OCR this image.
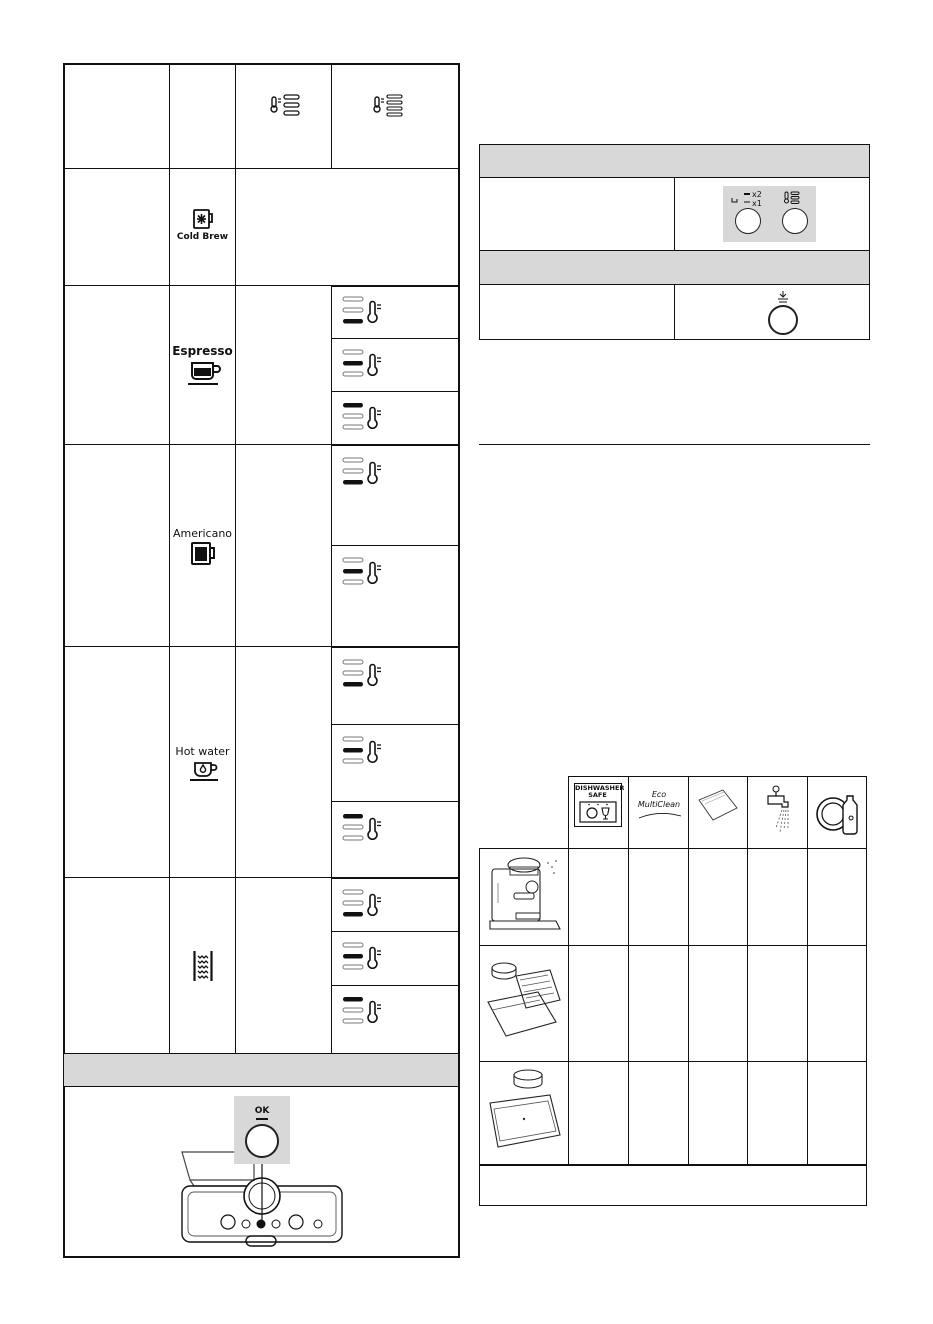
Cold Brew
Espresso
Americano
Hot water
OK
x2
x1
DISHWASHER SAFE	Eco MultiClean
